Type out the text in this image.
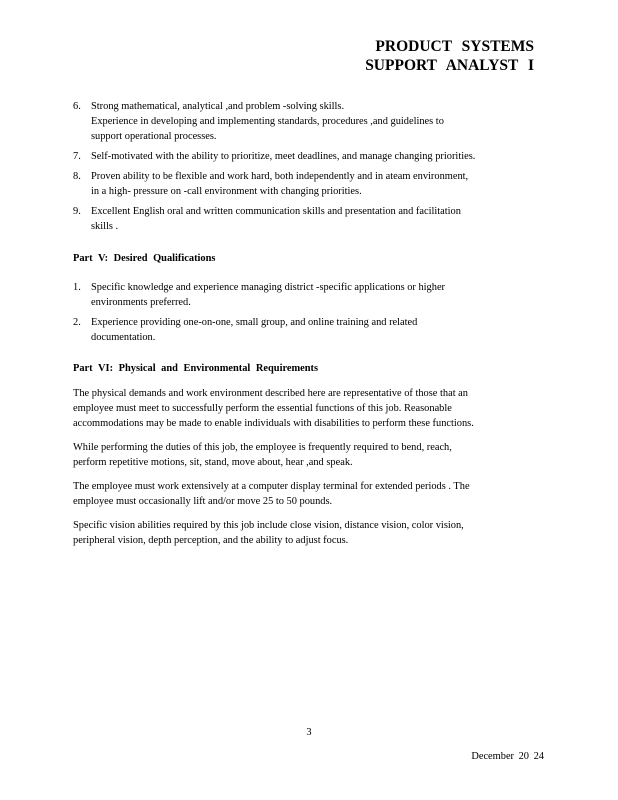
PRODUCT SYSTEMS
SUPPORT ANALYST I
6. Strong mathematical, analytical ,and problem -solving skills.
Experience in developing and implementing standards, procedures ,and guidelines to
support operational processes.
7. Self-motivated with the ability to prioritize, meet deadlines, and manage changing priorities.
8. Proven ability to be flexible and work hard, both independently and in ateam environment,
in a high- pressure on -call environment with changing priorities.
9. Excellent English oral and written communication skills and presentation and facilitation
skills .
Part V: Desired Qualifications
1. Specific knowledge and experience managing district -specific applications or higher
environments preferred.
2. Experience providing one-on-one, small group, and online training and related
documentation.
Part VI: Physical and Environmental Requirements

The physical demands and work environment described here are representative of those that an
employee must meet to successfully perform the essential functions of this job. Reasonable
accommodations may be made to enable individuals with disabilities to perform these functions.

While performing the duties of this job, the employee is frequently required to bend, reach,
perform repetitive motions, sit, stand, move about, hear ,and speak.

The employee must work extensively at a computer display terminal for extended periods . The
employee must occasionally lift and/or move 25 to 50 pounds.

Specific vision abilities required by this job include close vision, distance vision, color vision,
peripheral vision, depth perception, and the ability to adjust focus.

3
December 20 24
